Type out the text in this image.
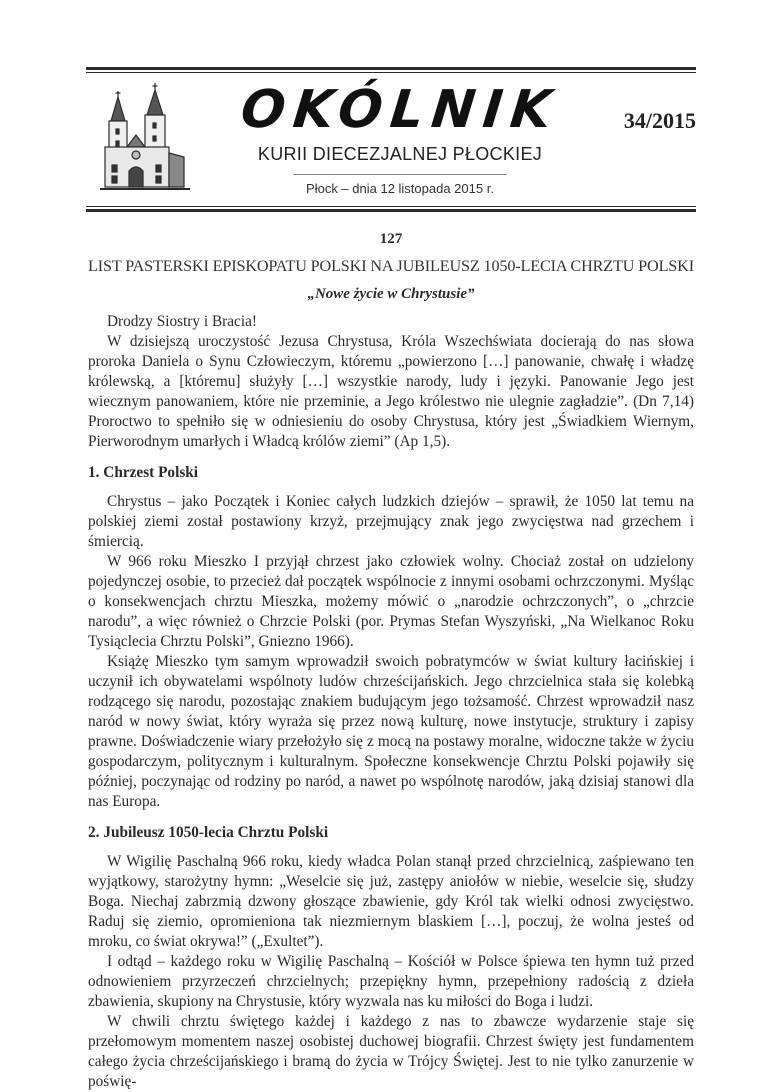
OKÓLNIK
KURII DIECEZJALNEJ PŁOCKIEJ
Płock – dnia 12 listopada 2015 r.
34/2015
127
LIST PASTERSKI EPISKOPATU POLSKI NA JUBILEUSZ 1050-LECIA CHRZTU POLSKI
„Nowe życie w Chrystusie”

Drodzy Siostry i Bracia!

W dzisiejszą uroczystość Jezusa Chrystusa, Króla Wszechświata docierają do nas słowa proroka Daniela o Synu Człowieczym, któremu „powierzono […] panowanie, chwałę i władzę królewską, a [któremu] służyły […] wszystkie narody, ludy i języki. Panowanie Jego jest wiecznym panowaniem, które nie przeminie, a Jego królestwo nie ulegnie zagładzie”. (Dn 7,14) Proroctwo to spełniło się w odniesieniu do osoby Chrystusa, który jest „Świadkiem Wiernym, Pierworodnym umarłych i Władcą królów ziemi” (Ap 1,5).

1. Chrzest Polski

Chrystus – jako Początek i Koniec całych ludzkich dziejów – sprawił, że 1050 lat temu na polskiej ziemi został postawiony krzyż, przejmujący znak jego zwycięstwa nad grzechem i śmiercią.

W 966 roku Mieszko I przyjął chrzest jako człowiek wolny. Chociaż został on udzielony pojedynczej osobie, to przecież dał początek wspólnocie z innymi osobami ochrzczonymi. Myśląc o konsekwencjach chrztu Mieszka, możemy mówić o „narodzie ochrzczonych”, o „chrzcie narodu”, a więc również o Chrzcie Polski (por. Prymas Stefan Wyszyński, „Na Wielkanoc Roku Tysiąclecia Chrztu Polski”, Gniezno 1966).

Książę Mieszko tym samym wprowadził swoich pobratymców w świat kultury łacińskiej i uczynił ich obywatelami wspólnoty ludów chrześcijańskich. Jego chrzcielnica stała się kolebką rodzącego się narodu, pozostając znakiem budującym jego tożsamość. Chrzest wprowadził nasz naród w nowy świat, który wyraża się przez nową kulturę, nowe instytucje, struktury i zapisy prawne. Doświadczenie wiary przełożyło się z mocą na postawy moralne, widoczne także w życiu gospodarczym, politycznym i kulturalnym. Społeczne konsekwencje Chrztu Polski pojawiły się później, poczynając od rodziny po naród, a nawet po wspólnotę narodów, jaką dzisiaj stanowi dla nas Europa.

2. Jubileusz 1050-lecia Chrztu Polski

W Wigilię Paschalną 966 roku, kiedy władca Polan stanął przed chrzcielnicą, zaśpiewano ten wyjątkowy, starożytny hymn: „Weselcie się już, zastępy aniołów w niebie, weselcie się, słudzy Boga. Niechaj zabrzmią dzwony głoszące zbawienie, gdy Król tak wielki odnosi zwycięstwo. Raduj się ziemio, opromieniona tak niezmiernym blaskiem […], poczuj, że wolna jesteś od mroku, co świat okrywa!” („Exultet”).

I odtąd – każdego roku w Wigilię Paschalną – Kościół w Polsce śpiewa ten hymn tuż przed odnowieniem przyrzeczeń chrzcielnych; przepiękny hymn, przepełniony radością z dzieła zbawienia, skupiony na Chrystusie, który wyzwala nas ku miłości do Boga i ludzi.

W chwili chrztu świętego każdej i każdego z nas to zbawcze wydarzenie staje się przełomowym momentem naszej osobistej duchowej biografii. Chrzest święty jest fundamentem całego życia chrześcijańskiego i bramą do życia w Trójcy Świętej. Jest to nie tylko zanurzenie w poświę-
